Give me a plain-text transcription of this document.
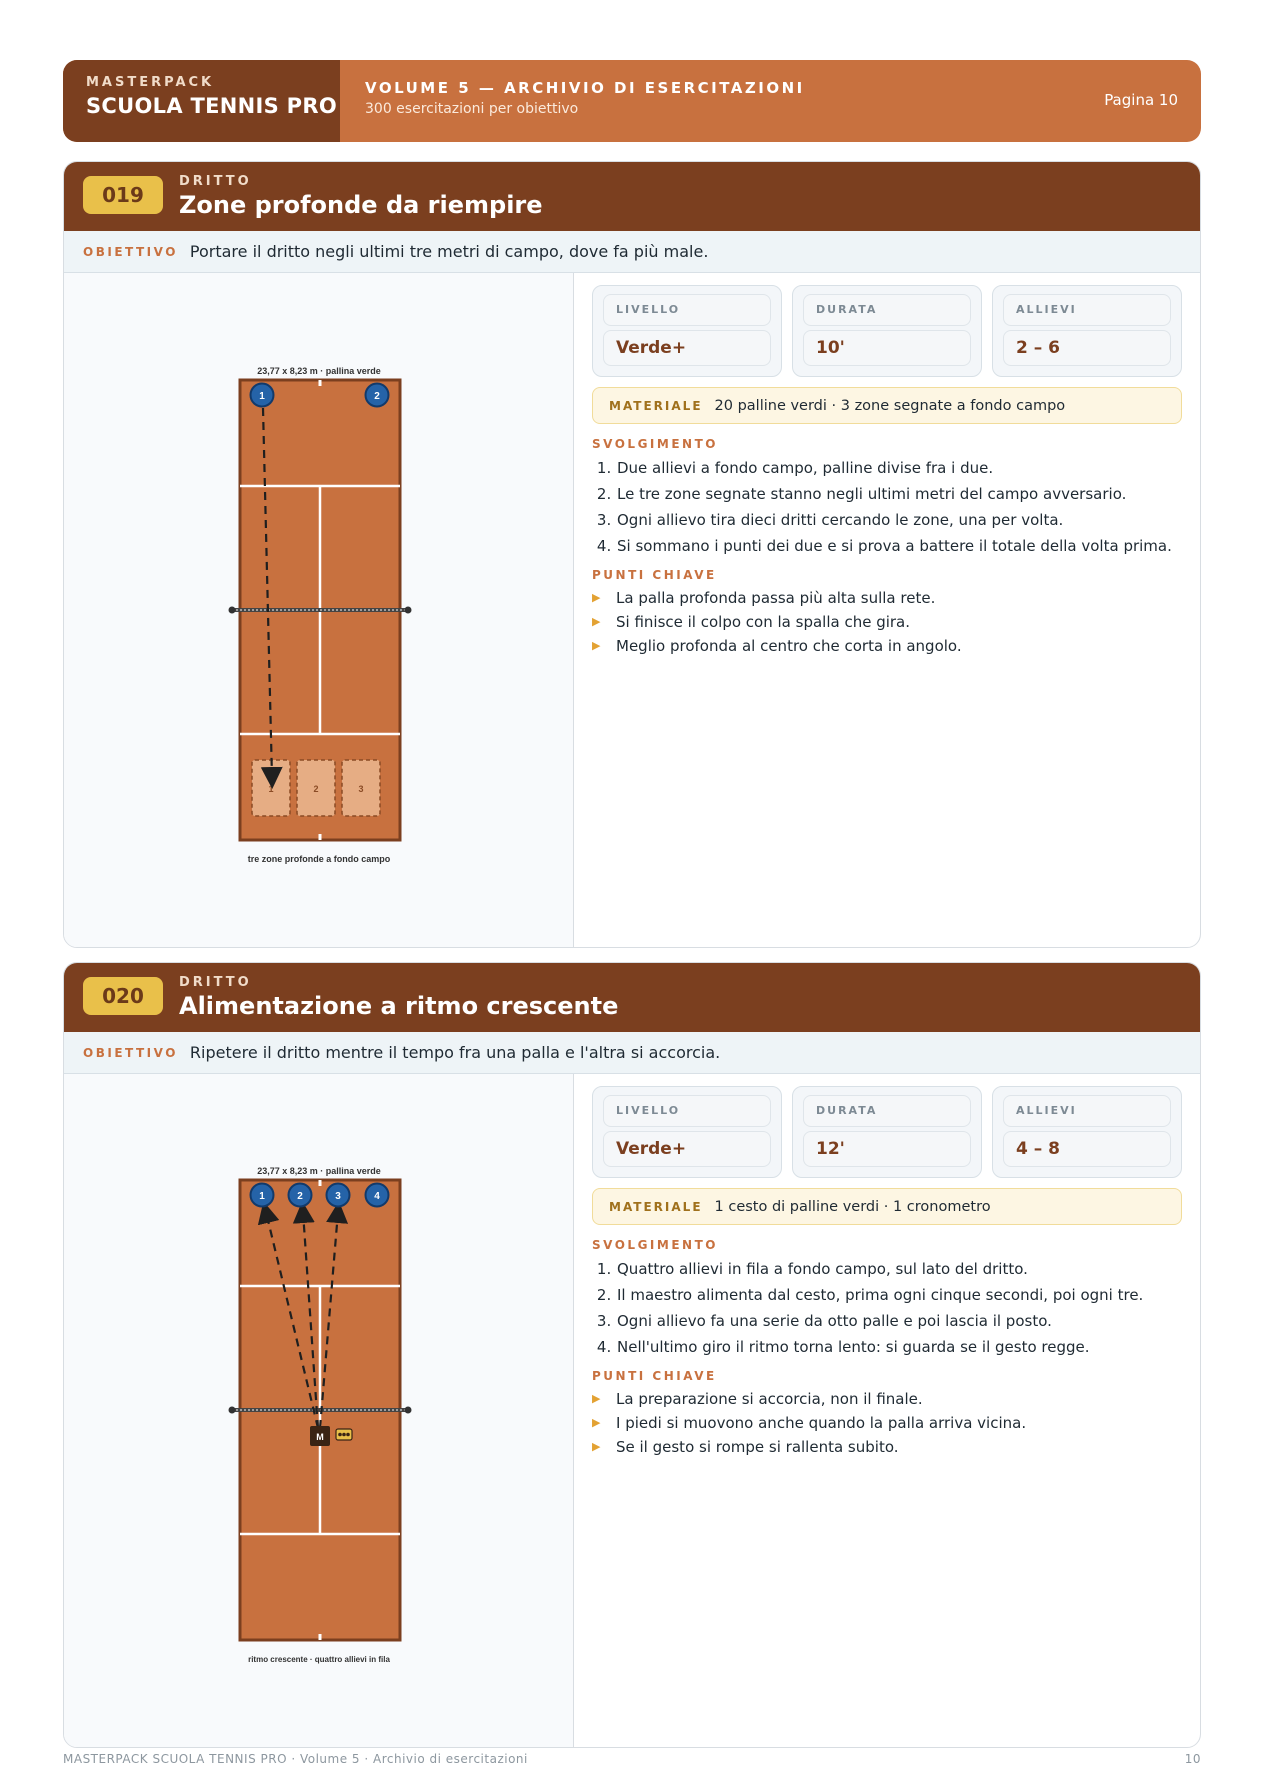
MASTERPACK
SCUOLA TENNIS PRO
VOLUME 5 — ARCHIVIO DI ESERCITAZIONI
300 esercitazioni per obiettivo	Pagina 10
019
DRITTO
Zone profonde da riempire
OBIETTIVO Portare il dritto negli ultimi tre metri di campo, dove fa più male.
23,77 x 8,23 m · pallina verde
1	2	3
1	2
tre zone profonde a fondo campo
LIVELLO
Verde+
DURATA
10'
ALLIEVI
2 – 6
MATERIALE 20 palline verdi · 3 zone segnate a fondo campo
SVOLGIMENTO
1. Due allievi a fondo campo, palline divise fra i due.
2. Le tre zone segnate stanno negli ultimi metri del campo avversario.
3. Ogni allievo tira dieci dritti cercando le zone, una per volta.
4. Si sommano i punti dei due e si prova a battere il totale della volta prima.
PUNTI CHIAVE
▶ La palla profonda passa più alta sulla rete.
▶ Si finisce il colpo con la spalla che gira.
▶ Meglio profonda al centro che corta in angolo.
020
DRITTO
Alimentazione a ritmo crescente
OBIETTIVO Ripetere il dritto mentre il tempo fra una palla e l'altra si accorcia.
23,77 x 8,23 m · pallina verde
1	2	3	4
M
ritmo crescente · quattro allievi in fila
LIVELLO
Verde+
DURATA
12'
ALLIEVI
4 – 8
MATERIALE 1 cesto di palline verdi · 1 cronometro
SVOLGIMENTO
1. Quattro allievi in fila a fondo campo, sul lato del dritto.
2. Il maestro alimenta dal cesto, prima ogni cinque secondi, poi ogni tre.
3. Ogni allievo fa una serie da otto palle e poi lascia il posto.
4. Nell'ultimo giro il ritmo torna lento: si guarda se il gesto regge.
PUNTI CHIAVE
▶ La preparazione si accorcia, non il finale.
▶ I piedi si muovono anche quando la palla arriva vicina.
▶ Se il gesto si rompe si rallenta subito.
MASTERPACK SCUOLA TENNIS PRO · Volume 5 · Archivio di esercitazioni	10
